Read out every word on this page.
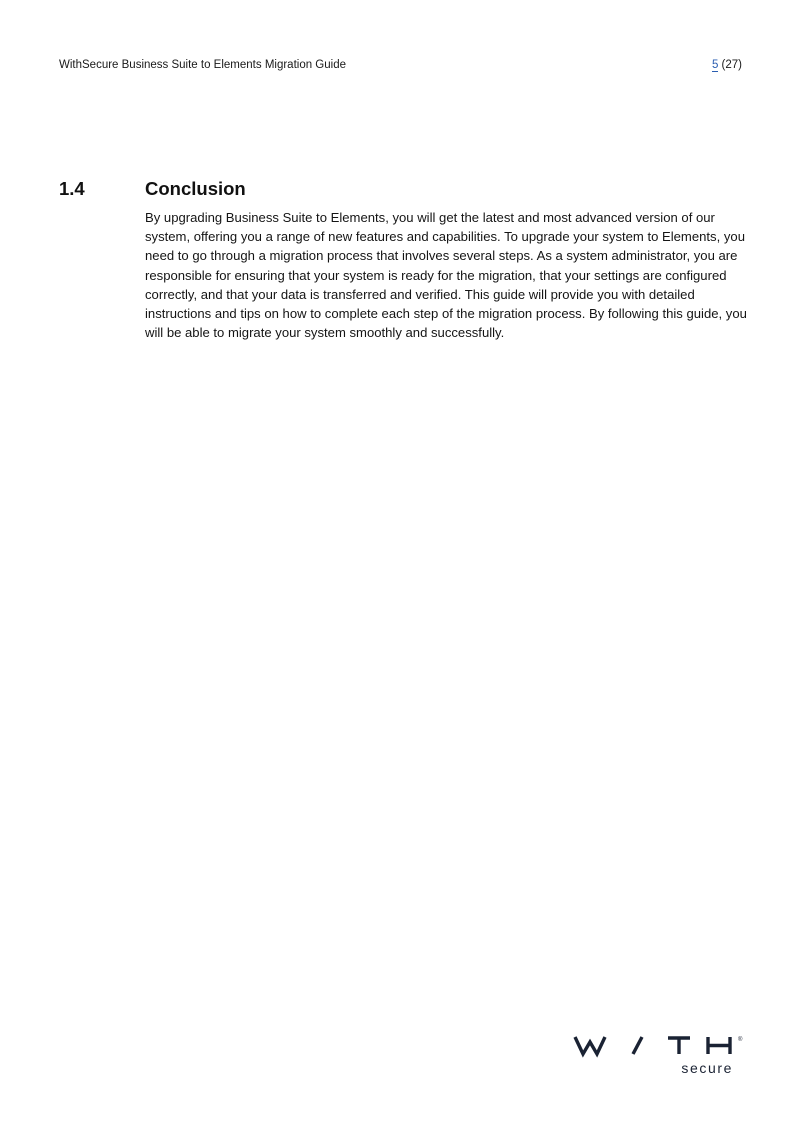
WithSecure Business Suite to Elements Migration Guide	5 (27)
1.4	Conclusion

By upgrading Business Suite to Elements, you will get the latest and most advanced version of our system, offering you a range of new features and capabilities. To upgrade your system to Elements, you need to go through a migration process that involves several steps. As a system administrator, you are responsible for ensuring that your system is ready for the migration, that your settings are configured correctly, and that your data is transferred and verified. This guide will provide you with detailed instructions and tips on how to complete each step of the migration process. By following this guide, you will be able to migrate your system smoothly and successfully.

®
secure
